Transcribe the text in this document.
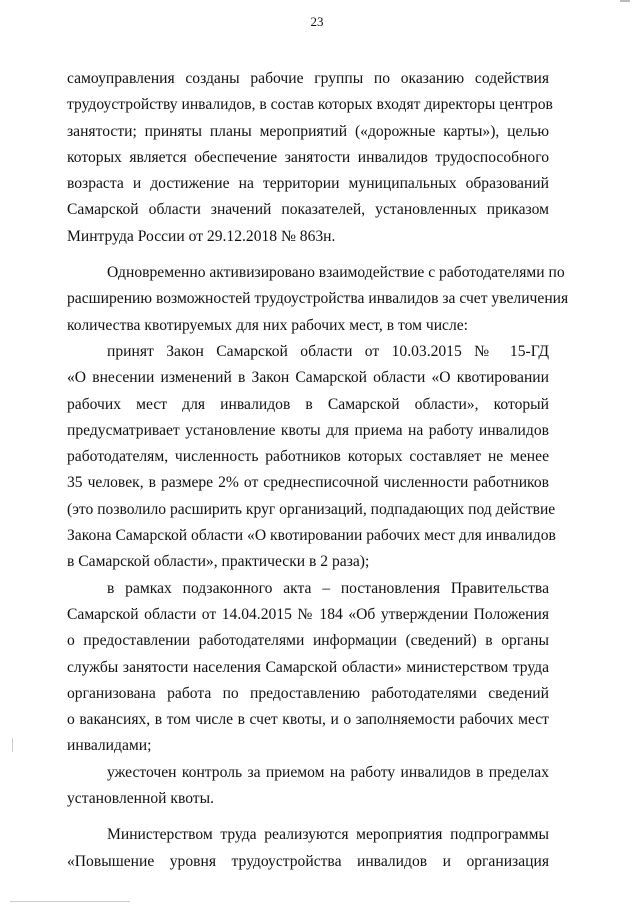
23
самоуправления созданы рабочие группы по оказанию содействия
трудоустройству инвалидов, в состав которых входят директоры центров
занятости; приняты планы мероприятий («дорожные карты»), целью
которых является обеспечение занятости инвалидов трудоспособного
возраста и достижение на территории муниципальных образований
Самарской области значений показателей, установленных приказом
Минтруда России от 29.12.2018 № 863н.
Одновременно активизировано взаимодействие с работодателями по
расширению возможностей трудоустройства инвалидов за счет увеличения
количества квотируемых для них рабочих мест, в том числе:
принят Закон Самарской области от 10.03.2015 № 15-ГД
«О внесении изменений в Закон Самарской области «О квотировании
рабочих мест для инвалидов в Самарской области», который
предусматривает установление квоты для приема на работу инвалидов
работодателям, численность работников которых составляет не менее
35 человек, в размере 2% от среднесписочной численности работников
(это позволило расширить круг организаций, подпадающих под действие
Закона Самарской области «О квотировании рабочих мест для инвалидов
в Самарской области», практически в 2 раза);
в рамках подзаконного акта – постановления Правительства
Самарской области от 14.04.2015 № 184 «Об утверждении Положения
о предоставлении работодателями информации (сведений) в органы
службы занятости населения Самарской области» министерством труда
организована работа по предоставлению работодателями сведений
о вакансиях, в том числе в счет квоты, и о заполняемости рабочих мест
инвалидами;
ужесточен контроль за приемом на работу инвалидов в пределах
установленной квоты.
Министерством труда реализуются мероприятия подпрограммы
«Повышение уровня трудоустройства инвалидов и организация
